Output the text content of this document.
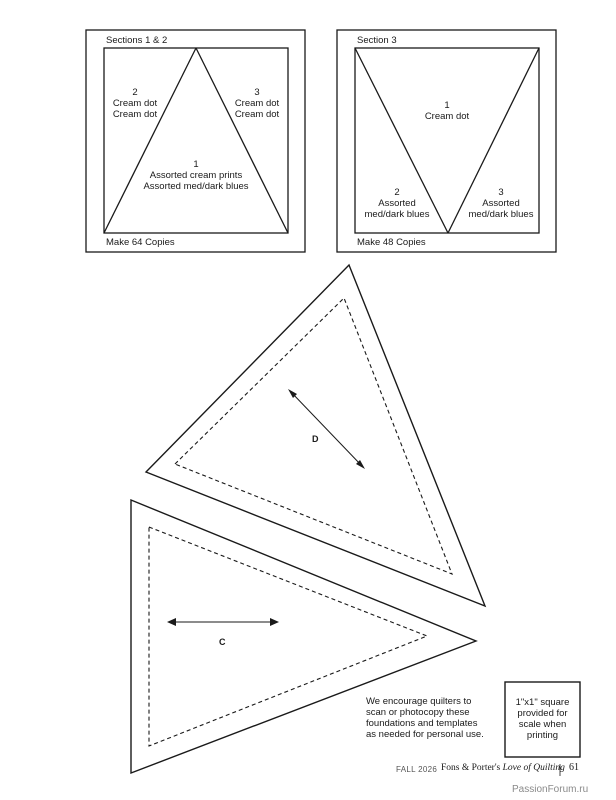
Sections 1 & 2
2
Cream dot
Cream dot
3
Cream dot
Cream dot
1
Assorted cream prints
Assorted med/dark blues
Make 64 Copies
Section 3
1
Cream dot
2
Assorted
med/dark blues
3
Assorted
med/dark blues
Make 48 Copies
D
C
We encourage quilters to
scan or photocopy these
foundations and templates
as needed for personal use.
1"x1" square
provided for
scale when
printing
FALL 2026 Fons & Porter's Love of Quilting 61
PassionForum.ru
